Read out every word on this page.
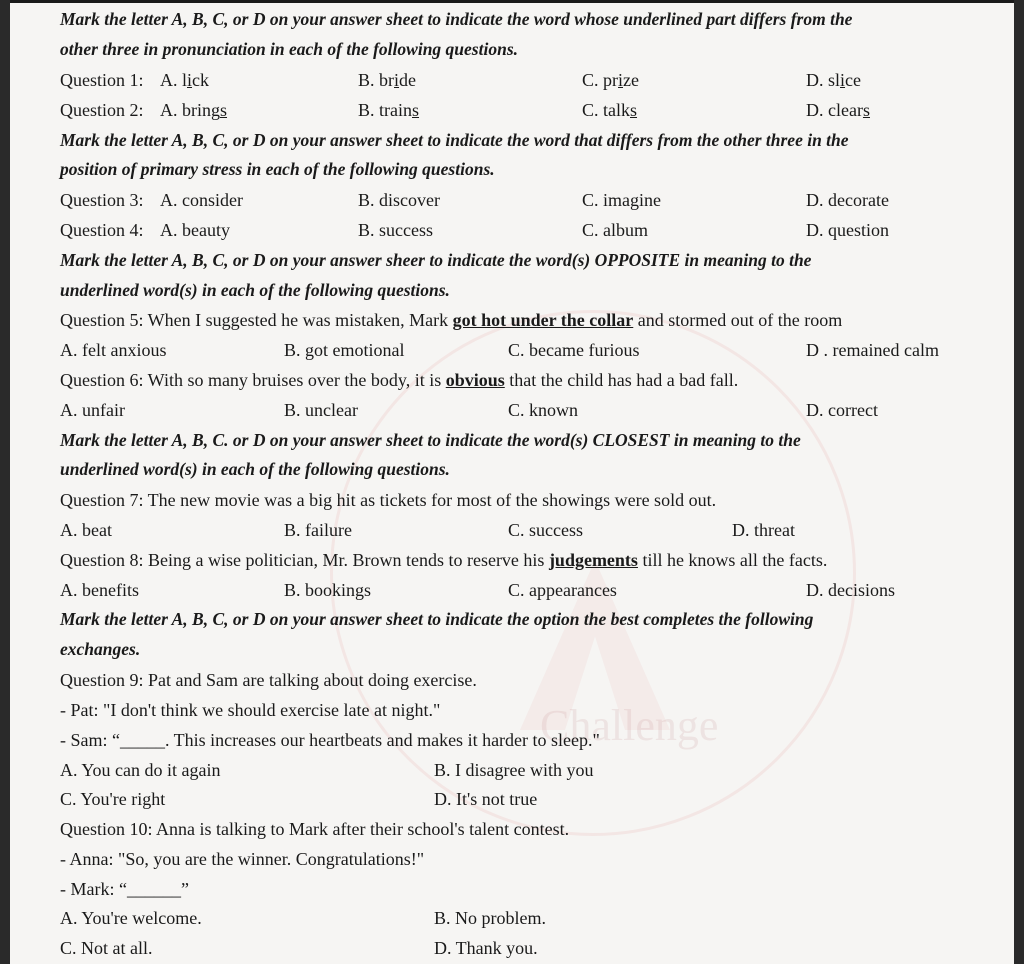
Challenge
Mark the letter A, B, C, or D on your answer sheet to indicate the word whose underlined part differs from the
other three in pronunciation in each of the following questions.
Question 1: A. lick	B. bride	C. prize	D. slice
Question 2: A. brings	B. trains	C. talks	D. clears
Mark the letter A, B, C, or D on your answer sheet to indicate the word that differs from the other three in the
position of primary stress in each of the following questions.
Question 3: A. consider	B. discover	C. imagine	D. decorate
Question 4: A. beauty	B. success	C. album	D. question
Mark the letter A, B, C, or D on your answer sheer to indicate the word(s) OPPOSITE in meaning to the
underlined word(s) in each of the following questions.
Question 5: When I suggested he was mistaken, Mark got hot under the collar and stormed out of the room
A. felt anxious	B. got emotional	C. became furious	D . remained calm
Question 6: With so many bruises over the body, it is obvious that the child has had a bad fall.
A. unfair	B. unclear	C. known	D. correct
Mark the letter A, B, C. or D on your answer sheet to indicate the word(s) CLOSEST in meaning to the
underlined word(s) in each of the following questions.
Question 7: The new movie was a big hit as tickets for most of the showings were sold out.
A. beat	B. failure	C. success	D. threat
Question 8: Being a wise politician, Mr. Brown tends to reserve his judgements till he knows all the facts.
A. benefits	B. bookings	C. appearances	D. decisions
Mark the letter A, B, C, or D on your answer sheet to indicate the option the best completes the following
exchanges.
Question 9: Pat and Sam are talking about doing exercise.
- Pat: "I don't think we should exercise late at night."
- Sam: “_____. This increases our heartbeats and makes it harder to sleep."
A. You can do it again	B. I disagree with you
C. You're right	D. It's not true
Question 10: Anna is talking to Mark after their school's talent contest.
- Anna: "So, you are the winner. Congratulations!"
- Mark: “______”
A. You're welcome.	B. No problem.
C. Not at all.	D. Thank you.
